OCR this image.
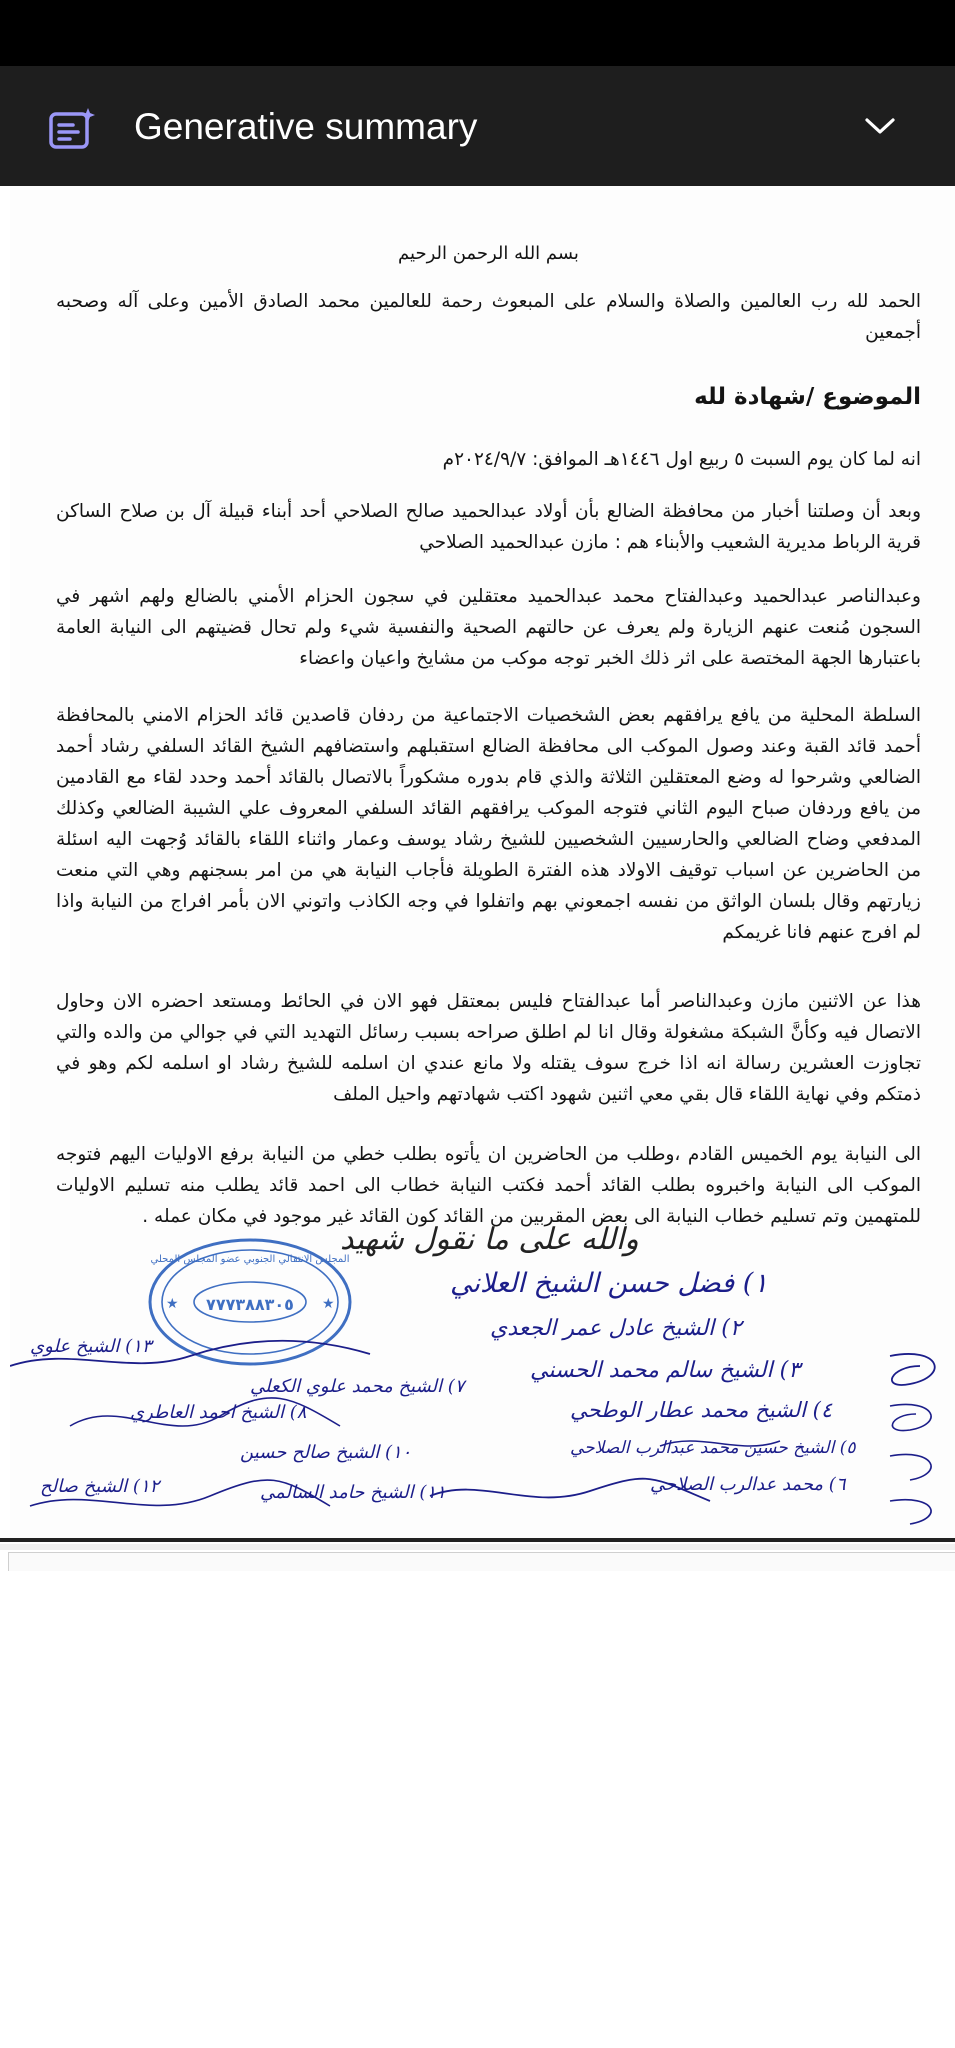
Generative summary

بسم الله الرحمن الرحيم

الحمد لله رب العالمين والصلاة والسلام على المبعوث رحمة للعالمين محمد الصادق الأمين وعلى آله وصحبه أجمعين

الموضوع /شهادة لله

انه لما كان يوم السبت ٥ ربيع اول ١٤٤٦هـ الموافق: ٢٠٢٤/٩/٧م

وبعد أن وصلتنا أخبار من محافظة الضالع بأن أولاد عبدالحميد صالح الصلاحي أحد أبناء قبيلة آل بن صلاح الساكن قرية الرباط مديرية الشعيب والأبناء هم : مازن عبدالحميد الصلاحي

وعبدالناصر عبدالحميد وعبدالفتاح محمد عبدالحميد معتقلين في سجون الحزام الأمني بالضالع ولهم اشهر في السجون مُنعت عنهم الزيارة ولم يعرف عن حالتهم الصحية والنفسية شيء ولم تحال قضيتهم الى النيابة العامة باعتبارها الجهة المختصة على اثر ذلك الخبر توجه موكب من مشايخ واعيان واعضاء

السلطة المحلية من يافع يرافقهم بعض الشخصيات الاجتماعية من ردفان قاصدين قائد الحزام الامني بالمحافظة أحمد قائد القبة وعند وصول الموكب الى محافظة الضالع استقبلهم واستضافهم الشيخ القائد السلفي رشاد أحمد الضالعي وشرحوا له وضع المعتقلين الثلاثة والذي قام بدوره مشكوراً بالاتصال بالقائد أحمد وحدد لقاء مع القادمين من يافع وردفان صباح اليوم الثاني فتوجه الموكب يرافقهم القائد السلفي المعروف علي الشيبة الضالعي وكذلك المدفعي وضاح الضالعي والحارسيين الشخصيين للشيخ رشاد يوسف وعمار واثناء اللقاء بالقائد وُجهت اليه اسئلة من الحاضرين عن اسباب توقيف الاولاد هذه الفترة الطويلة فأجاب النيابة هي من امر بسجنهم وهي التي منعت زيارتهم وقال بلسان الواثق من نفسه اجمعوني بهم واتفلوا في وجه الكاذب واتوني الان بأمر افراج من النيابة واذا لم افرج عنهم فانا غريمكم

هذا عن الاثنين مازن وعبدالناصر أما عبدالفتاح فليس بمعتقل فهو الان في الحائط ومستعد احضره الان وحاول الاتصال فيه وكأنَّ الشبكة مشغولة وقال انا لم اطلق صراحه بسبب رسائل التهديد التي في جوالي من والده والتي تجاوزت العشرين رسالة انه اذا خرج سوف يقتله ولا مانع عندي ان اسلمه للشيخ رشاد او اسلمه لكم وهو في ذمتكم وفي نهاية اللقاء قال بقي معي اثنين شهود اكتب شهادتهم واحيل الملف

الى النيابة يوم الخميس القادم ،وطلب من الحاضرين ان يأتوه بطلب خطي من النيابة برفع الاوليات اليهم فتوجه الموكب الى النيابة واخبروه بطلب القائد أحمد فكتب النيابة خطاب الى احمد قائد يطلب منه تسليم الاوليات للمتهمين وتم تسليم خطاب النيابة الى بعض المقربين من القائد كون القائد غير موجود في مكان عمله .

والله على ما نقول شهيد
٧٧٧٣٨٨٣٠٥
المجلس الانتقالي الجنوبي عضو المجلس المحلي
★	★
١) فضل حسن الشيخ العلاني
٢) الشيخ عادل عمر الجعدي
٣) الشيخ سالم محمد الحسني
٤) الشيخ محمد عطار الوطحي
٥) الشيخ حسين محمد عبدالرب الصلاحي
٦) محمد عدالرب الصلاحي
٧) الشيخ محمد علوي الكعلي
٨) الشيخ احمد العاطري
١٠) الشيخ صالح حسين
١١) الشيخ حامد السالمي
١٢) الشيخ صالح
١٣) الشيخ علوي
